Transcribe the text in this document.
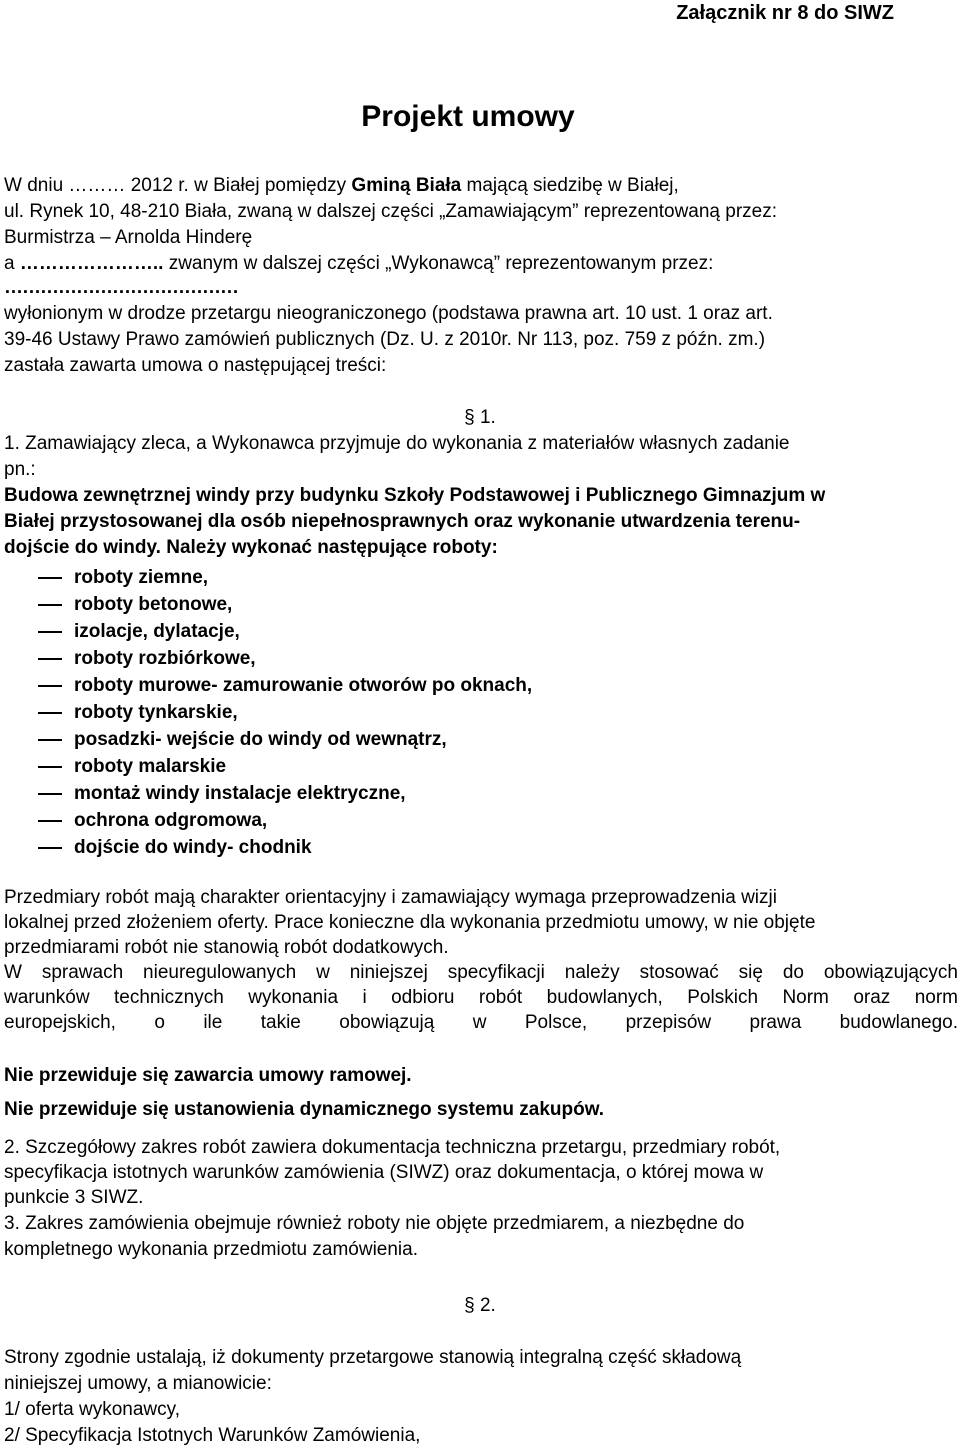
Załącznik nr 8 do SIWZ
Projekt umowy
W dniu ……… 2012 r. w Białej pomiędzy Gminą Biała mającą siedzibę w Białej,
ul. Rynek 10, 48-210 Biała, zwaną w dalszej części „Zamawiającym” reprezentowaną przez:
Burmistrza – Arnolda Hinderę
a ………………….. zwanym w dalszej części „Wykonawcą” reprezentowanym przez:
…………………………………
wyłonionym w drodze przetargu nieograniczonego (podstawa prawna art. 10 ust. 1 oraz art.
39-46 Ustawy Prawo zamówień publicznych (Dz. U. z 2010r. Nr 113, poz. 759 z późn. zm.)
zastała zawarta umowa o następującej treści:
§ 1.
1. Zamawiający zleca, a Wykonawca przyjmuje do wykonania z materiałów własnych zadanie
pn.:
Budowa zewnętrznej windy przy budynku Szkoły Podstawowej i Publicznego Gimnazjum w
Białej przystosowanej dla osób niepełnosprawnych oraz wykonanie utwardzenia terenu-
dojście do windy. Należy wykonać następujące roboty:
roboty ziemne,
roboty betonowe,
izolacje, dylatacje,
roboty rozbiórkowe,
roboty murowe- zamurowanie otworów po oknach,
roboty tynkarskie,
posadzki- wejście do windy od wewnątrz,
roboty malarskie
montaż windy instalacje elektryczne,
ochrona odgromowa,
dojście do windy- chodnik
Przedmiary robót mają charakter orientacyjny i zamawiający wymaga przeprowadzenia wizji
lokalnej przed złożeniem oferty. Prace konieczne dla wykonania przedmiotu umowy, w nie objęte
przedmiarami robót nie stanowią robót dodatkowych.
W sprawach nieuregulowanych w niniejszej specyfikacji należy stosować się do obowiązujących
warunków technicznych wykonania i odbioru robót budowlanych, Polskich Norm oraz norm
europejskich, o ile takie obowiązują w Polsce, przepisów prawa budowlanego.
Nie przewiduje się zawarcia umowy ramowej.
Nie przewiduje się ustanowienia dynamicznego systemu zakupów.
2. Szczegółowy zakres robót zawiera dokumentacja techniczna przetargu, przedmiary robót,
specyfikacja istotnych warunków zamówienia (SIWZ) oraz dokumentacja, o której mowa w
punkcie 3 SIWZ.
3. Zakres zamówienia obejmuje również roboty nie objęte przedmiarem, a niezbędne do
kompletnego wykonania przedmiotu zamówienia.
§ 2.
Strony zgodnie ustalają, iż dokumenty przetargowe stanowią integralną część składową
niniejszej umowy, a mianowicie:
1/ oferta wykonawcy,
2/ Specyfikacja Istotnych Warunków Zamówienia,
